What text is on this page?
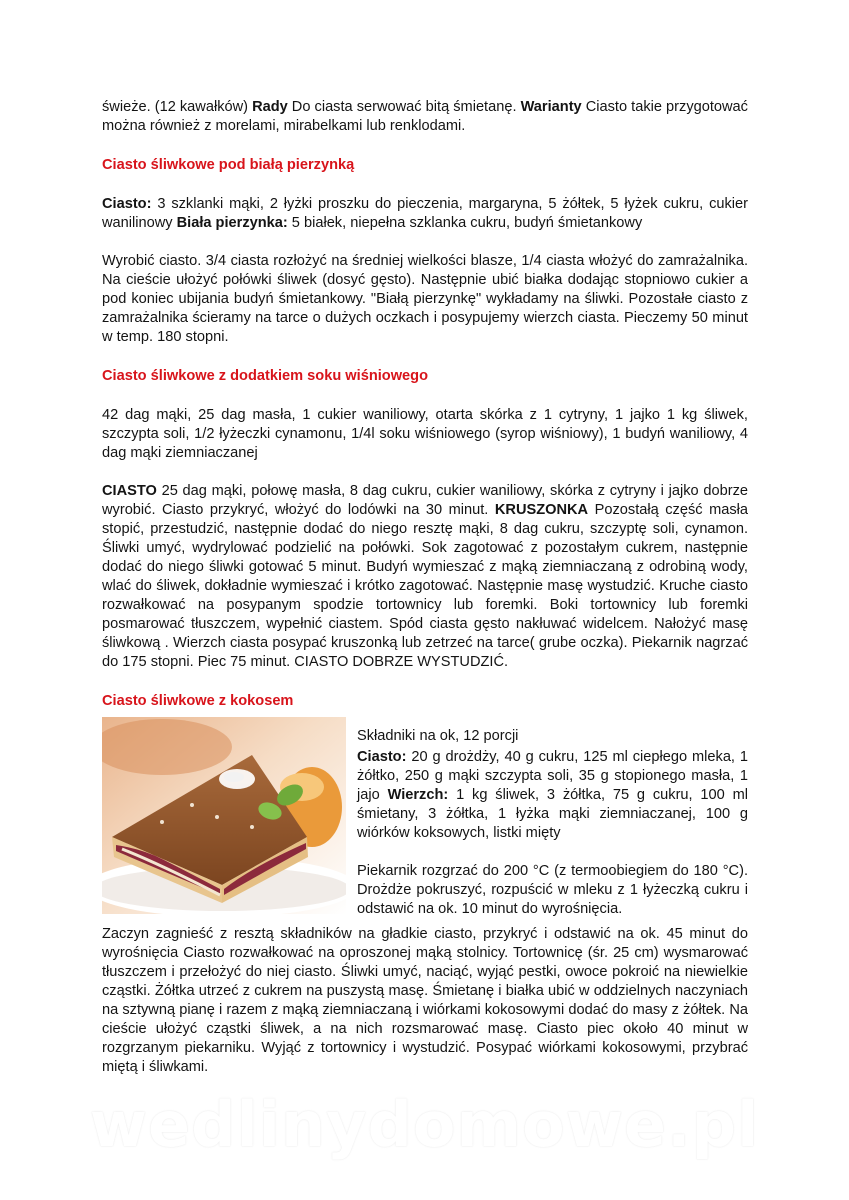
świeże. (12 kawałków) Rady Do ciasta serwować bitą śmietanę. Warianty Ciasto takie przygotować można również z morelami, mirabelkami lub renklodami.

Ciasto śliwkowe pod białą pierzynką

Ciasto: 3 szklanki mąki, 2 łyżki proszku do pieczenia, margaryna, 5 żółtek, 5 łyżek cukru, cukier wanilinowy Biała pierzynka: 5 białek, niepełna szklanka cukru, budyń śmietankowy

Wyrobić ciasto. 3/4 ciasta rozłożyć na średniej wielkości blasze, 1/4 ciasta włożyć do zamrażalnika. Na cieście ułożyć połówki śliwek (dosyć gęsto). Następnie ubić białka dodając stopniowo cukier a pod koniec ubijania budyń śmietankowy. "Białą pierzynkę" wykładamy na śliwki. Pozostałe ciasto z zamrażalnika ścieramy na tarce o dużych oczkach i posypujemy wierzch ciasta. Pieczemy 50 minut w temp. 180 stopni.

Ciasto śliwkowe z dodatkiem soku wiśniowego

42 dag mąki, 25 dag masła, 1 cukier waniliowy, otarta skórka z 1 cytryny, 1 jajko 1 kg śliwek, szczypta soli, 1/2 łyżeczki cynamonu, 1/4l soku wiśniowego (syrop wiśniowy), 1 budyń waniliowy, 4 dag mąki ziemniaczanej

CIASTO 25 dag mąki, połowę masła, 8 dag cukru, cukier waniliowy, skórka z cytryny i jajko dobrze wyrobić. Ciasto przykryć, włożyć do lodówki na 30 minut. KRUSZONKA Pozostałą część masła stopić, przestudzić, następnie dodać do niego resztę mąki, 8 dag cukru, szczyptę soli, cynamon. Śliwki umyć, wydrylować podzielić na połówki. Sok zagotować z pozostałym cukrem, następnie dodać do niego śliwki gotować 5 minut. Budyń wymieszać z mąką ziemniaczaną z odrobiną wody, wlać do śliwek, dokładnie wymieszać i krótko zagotować. Następnie masę wystudzić. Kruche ciasto rozwałkować na posypanym spodzie tortownicy lub foremki. Boki tortownicy lub foremki posmarować tłuszczem, wypełnić ciastem. Spód ciasta gęsto nakłuwać widelcem. Nałożyć masę śliwkową . Wierzch ciasta posypać kruszonką lub zetrzeć na tarce( grube oczka). Piekarnik nagrzać do 175 stopni. Piec 75 minut. CIASTO DOBRZE WYSTUDZIĆ.

Ciasto śliwkowe z kokosem

Składniki na ok, 12 porcji

Ciasto: 20 g drożdży, 40 g cukru, 125 ml ciepłego mleka, 1 żółtko, 250 g mąki szczypta soli, 35 g stopionego masła, 1 jajo Wierzch: 1 kg śliwek, 3 żółtka, 75 g cukru, 100 ml śmietany, 3 żółtka, 1 łyżka mąki ziemniaczanej, 100 g wiórków koksowych, listki mięty

Piekarnik rozgrzać do 200 °C (z termoobiegiem do 180 °C). Drożdże pokruszyć, rozpuścić w mleku z 1 łyżeczką cukru i odstawić na ok. 10 minut do wyrośnięcia.

Zaczyn zagnieść z resztą składników na gładkie ciasto, przykryć i odstawić na ok. 45 minut do wyrośnięcia Ciasto rozwałkować na oproszonej mąką stolnicy. Tortownicę (śr. 25 cm) wysmarować tłuszczem i przełożyć do niej ciasto. Śliwki umyć, naciąć, wyjąć pestki, owoce pokroić na niewielkie cząstki. Żółtka utrzeć z cukrem na puszystą masę. Śmietanę i białka ubić w oddzielnych naczyniach na sztywną pianę i razem z mąką ziemniaczaną i wiórkami kokosowymi dodać do masy z żółtek. Na cieście ułożyć cząstki śliwek, a na nich rozsmarować masę. Ciasto piec około 40 minut w rozgrzanym piekarniku. Wyjąć z tortownicy i wystudzić. Posypać wiórkami kokosowymi, przybrać miętą i śliwkami.

wedlinydomowe.pl
